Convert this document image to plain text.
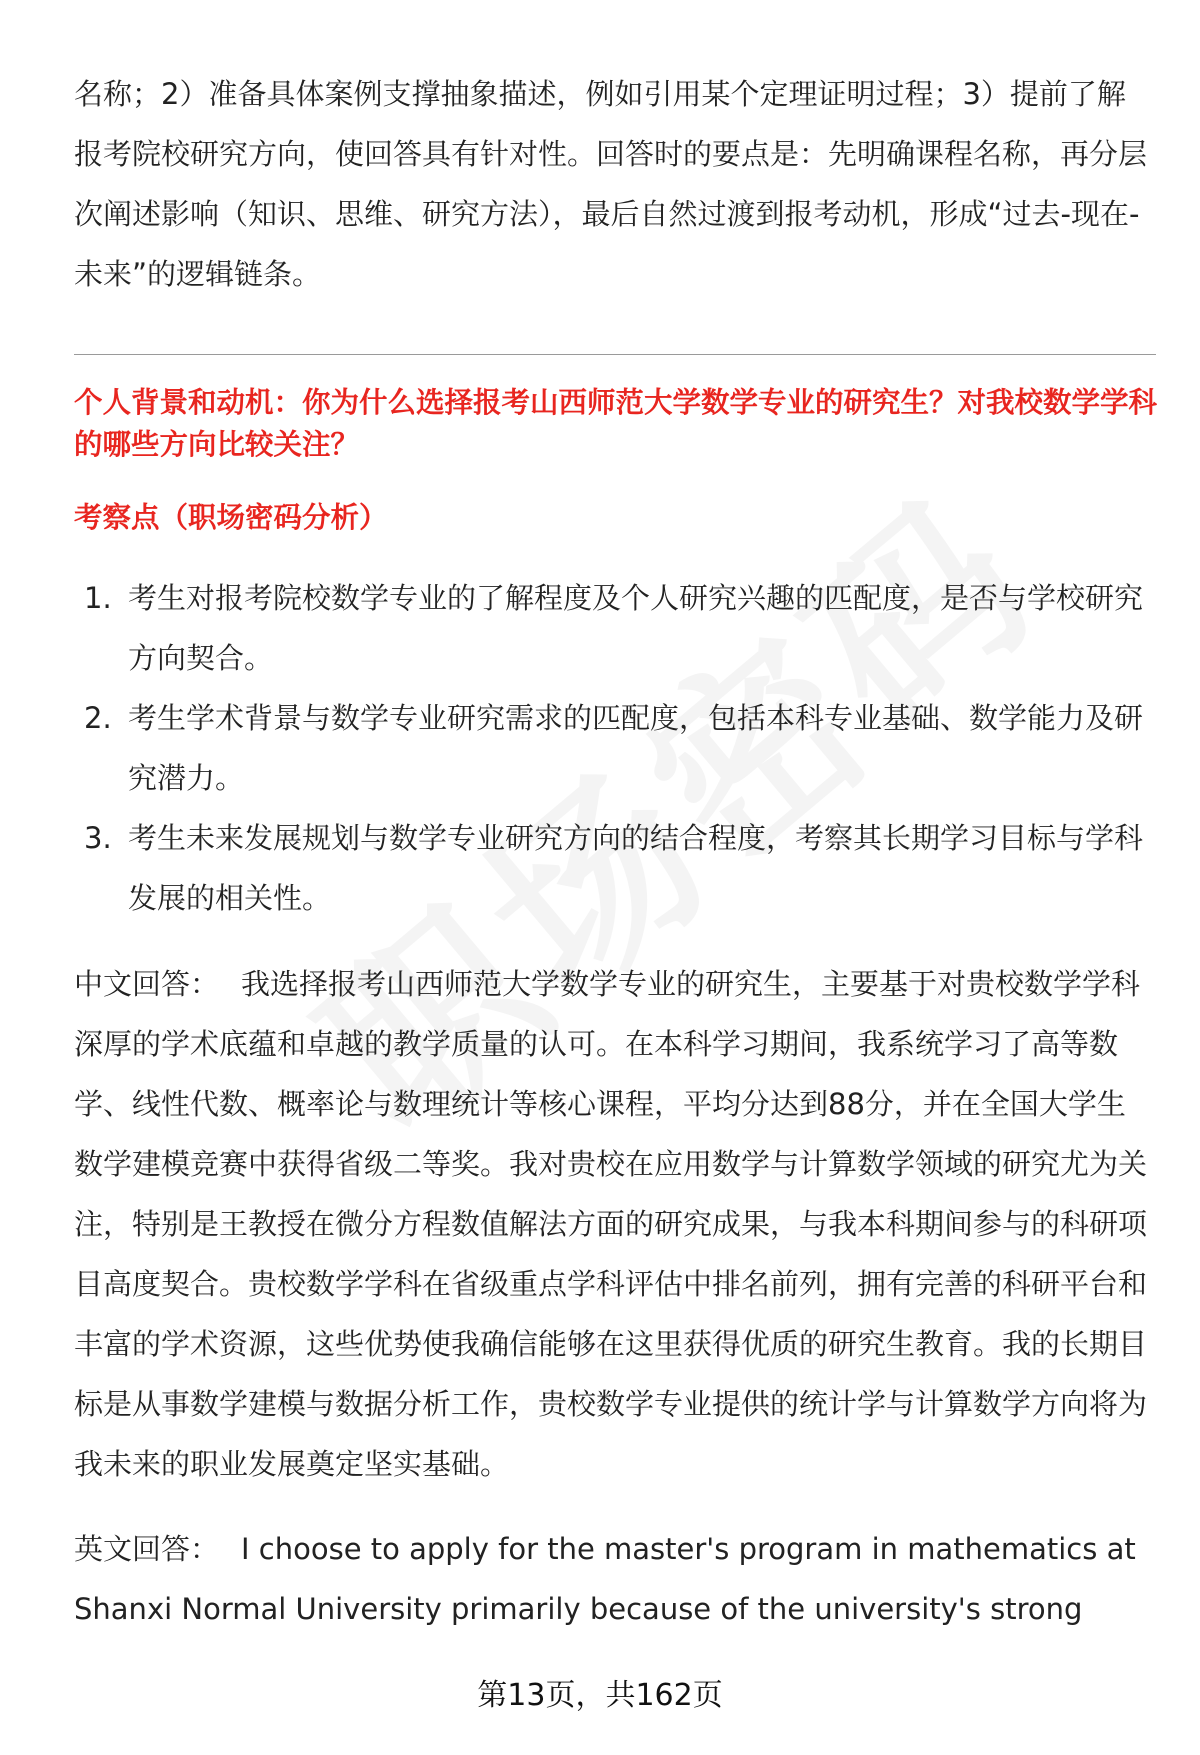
名称；2）准备具体案例支撑抽象描述，例如引用某个定理证明过程；3）提前了解报考院校研究方向，使回答具有针对性。回答时的要点是：先明确课程名称，再分层次阐述影响（知识、思维、研究方法），最后自然过渡到报考动机，形成“过去-现在-未来”的逻辑链条。

个人背景和动机：你为什么选择报考山西师范大学数学专业的研究生？对我校数学学科的哪些方向比较关注？

考察点（职场密码分析）

1. 考生对报考院校数学专业的了解程度及个人研究兴趣的匹配度，是否与学校研究方向契合。
2. 考生学术背景与数学专业研究需求的匹配度，包括本科专业基础、数学能力及研究潜力。
3. 考生未来发展规划与数学专业研究方向的结合程度，考察其长期学习目标与学科发展的相关性。

中文回答： 我选择报考山西师范大学数学专业的研究生，主要基于对贵校数学学科深厚的学术底蕴和卓越的教学质量的认可。在本科学习期间，我系统学习了高等数学、线性代数、概率论与数理统计等核心课程，平均分达到88分，并在全国大学生数学建模竞赛中获得省级二等奖。我对贵校在应用数学与计算数学领域的研究尤为关注，特别是王教授在微分方程数值解法方面的研究成果，与我本科期间参与的科研项目高度契合。贵校数学学科在省级重点学科评估中排名前列，拥有完善的科研平台和丰富的学术资源，这些优势使我确信能够在这里获得优质的研究生教育。我的长期目标是从事数学建模与数据分析工作，贵校数学专业提供的统计学与计算数学方向将为我未来的职业发展奠定坚实基础。

英文回答： I choose to apply for the master's program in mathematics at Shanxi Normal University primarily because of the university's strong

第13页，共162页
